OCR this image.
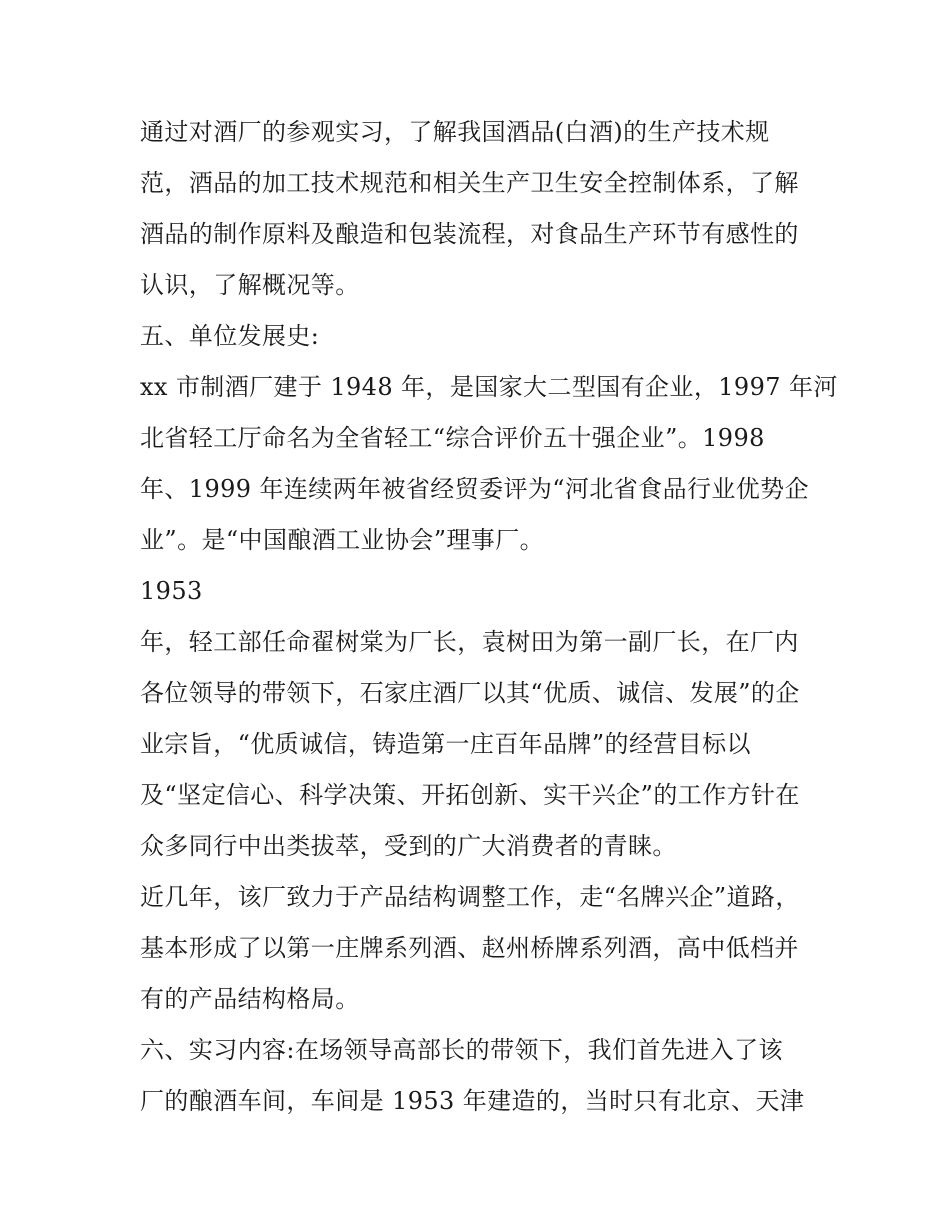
通过对酒厂的参观实习，了解我国酒品(白酒)的生产技术规
范，酒品的加工技术规范和相关生产卫生安全控制体系，了解
酒品的制作原料及酿造和包装流程，对食品生产环节有感性的
认识，了解概况等。
五、单位发展史:
xx 市制酒厂建于 1948 年，是国家大二型国有企业，1997 年河
北省轻工厅命名为全省轻工“综合评价五十强企业”。1998
年、1999 年连续两年被省经贸委评为“河北省食品行业优势企
业”。是“中国酿酒工业协会”理事厂。
1953
年，轻工部任命翟树棠为厂长，袁树田为第一副厂长，在厂内
各位领导的带领下，石家庄酒厂以其“优质、诚信、发展”的企
业宗旨，“优质诚信，铸造第一庄百年品牌”的经营目标以
及“坚定信心、科学决策、开拓创新、实干兴企”的工作方针在
众多同行中出类拔萃，受到的广大消费者的青睐。
近几年，该厂致力于产品结构调整工作，走“名牌兴企”道路，
基本形成了以第一庄牌系列酒、赵州桥牌系列酒，高中低档并
有的产品结构格局。
六、实习内容:在场领导高部长的带领下，我们首先进入了该
厂的酿酒车间，车间是 1953 年建造的，当时只有北京、天津
